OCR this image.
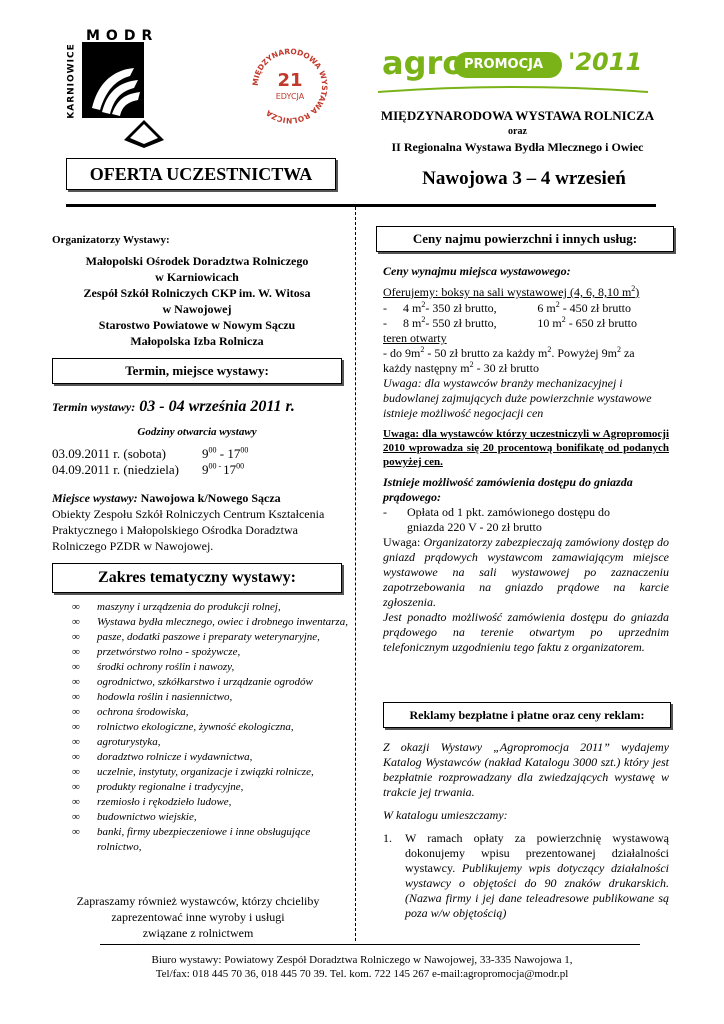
MODR
KARNIOWICE	MIĘDZYNARODOWA WYSTAWA ROLNICZA
21
EDYCJA
agro PROMOCJA '2011
MIĘDZYNARODOWA WYSTAWA ROLNICZA
oraz
II Regionalna Wystawa Bydła Mlecznego i Owiec
OFERTA UCZESTNICTWA	Nawojowa 3 – 4 wrzesień
Organizatorzy Wystawy:
Małopolski Ośrodek Doradztwa Rolniczego
w Karniowicach
Zespół Szkół Rolniczych CKP im. W. Witosa
w Nawojowej
Starostwo Powiatowe w Nowym Sączu
Małopolska Izba Rolnicza
Termin, miejsce wystawy:
Termin wystawy: 03 - 04 września 2011 r.
Godziny otwarcia wystawy
03.09.2011 r. (sobota)	$9^{00} - 17^{00}$
04.09.2011 r. (niedziela) $9^{00 -}$ $17^{00}$
Miejsce wystawy: Nawojowa k/Nowego Sącza
Obiekty Zespołu Szkół Rolniczych Centrum Kształcenia Praktycznego i Małopolskiego Ośrodka Doradztwa Rolniczego PZDR w Nawojowej.
Zakres tematyczny wystawy:
∞ maszyny i urządzenia do produkcji rolnej,
∞ Wystawa bydła mlecznego, owiec i drobnego inwentarza,
∞ pasze, dodatki paszowe i preparaty weterynaryjne,
∞ przetwórstwo rolno - spożywcze,
∞ środki ochrony roślin i nawozy,
∞ ogrodnictwo, szkółkarstwo i urządzanie ogrodów
∞ hodowla roślin i nasiennictwo,
∞ ochrona środowiska,
∞ rolnictwo ekologiczne, żywność ekologiczna,
∞ agroturystyka,
∞ doradztwo rolnicze i wydawnictwa,
∞ uczelnie, instytuty, organizacje i związki rolnicze,
∞ produkty regionalne i tradycyjne,
∞ rzemiosło i rękodzieło ludowe,
∞ budownictwo wiejskie,
∞ banki, firmy ubezpieczeniowe i inne obsługujące rolnictwo,
Zapraszamy również wystawców, którzy chcieliby
zaprezentować inne wyroby i usługi
związane z rolnictwem
Ceny najmu powierzchni i innych usług:

Ceny wynajmu miejsca wystawowego:

Oferujemy: boksy na sali wystawowej (4, 6, 8,10 $m^2$)

- 4 $m^2-$ 350 zł brutto,	6 $m^2 - 450$ zł brutto

- 8 $m^2-$ 550 zł brutto,	10 $m^2 - 650$ zł brutto

teren otwarty

- do $9m^2 - 50$ zł brutto za każdy $m^2$. Powyżej $9m^2$ za

każdy następny $m^2 - 30$ zł brutto

Uwaga: dla wystawców branży mechanizacyjnej i budowlanej zajmujących duże powierzchnie wystawowe istnieje możliwość negocjacji cen

Uwaga: dla wystawców którzy uczestniczyli w Agropromocji 2010 wprowadza się 20 procentową bonifikatę od podanych powyżej cen.

Istnieje możliwość zamówienia dostępu do gniazda prądowego:

- Opłata od 1 pkt. zamówionego dostępu do
gniazda 220 V - 20 zł brutto

Uwaga: Organizatorzy zabezpieczają zamówiony dostęp do gniazd prądowych wystawcom zamawiającym miejsce wystawowe na sali wystawowej po zaznaczeniu zapotrzebowania na gniazdo prądowe na karcie zgłoszenia.

Jest ponadto możliwość zamówienia dostępu do gniazda prądowego na terenie otwartym po uprzednim telefonicznym uzgodnieniu tego faktu z organizatorem.

Reklamy bezpłatne i płatne oraz ceny reklam:

Z okazji Wystawy „Agropromocja 2011” wydajemy Katalog Wystawców (nakład Katalogu 3000 szt.) który jest bezpłatnie rozprowadzany dla zwiedzających wystawę w trakcie jej trwania.

W katalogu umieszczamy:

1. W ramach opłaty za powierzchnię wystawową dokonujemy wpisu prezentowanej działalności wystawcy. Publikujemy wpis dotyczący działalności wystawcy o objętości do 90 znaków drukarskich. (Nazwa firmy i jej dane teleadresowe publikowane są poza w/w objętością)
Biuro wystawy: Powiatowy Zespół Doradztwa Rolniczego w Nawojowej, 33-335 Nawojowa 1,
Tel/fax: 018 445 70 36, 018 445 70 39. Tel. kom. 722 145 267 e-mail:agropromocja@modr.pl
